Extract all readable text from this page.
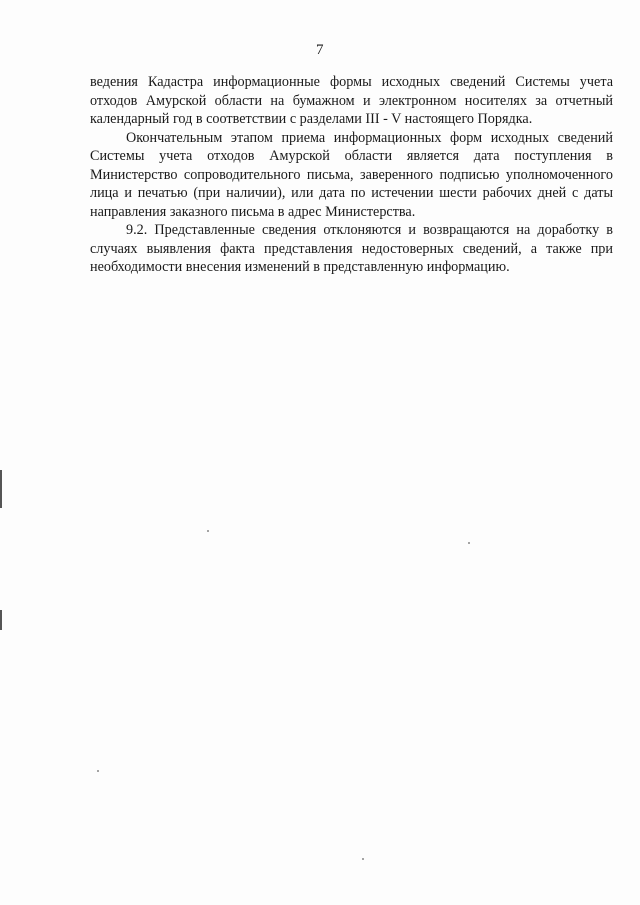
7

ведения Кадастра информационные формы исходных сведений Системы учета отходов Амурской области на бумажном и электронном носителях за отчетный календарный год в соответствии с разделами III - V настоящего Порядка.

Окончательным этапом приема информационных форм исходных сведений Системы учета отходов Амурской области является дата поступления в Министерство сопроводительного письма, заверенного подписью уполномоченного лица и печатью (при наличии), или дата по истечении шести рабочих дней с даты направления заказного письма в адрес Министерства.

9.2. Представленные сведения отклоняются и возвращаются на доработку в случаях выявления факта представления недостоверных сведений, а также при необходимости внесения изменений в представленную информацию.
